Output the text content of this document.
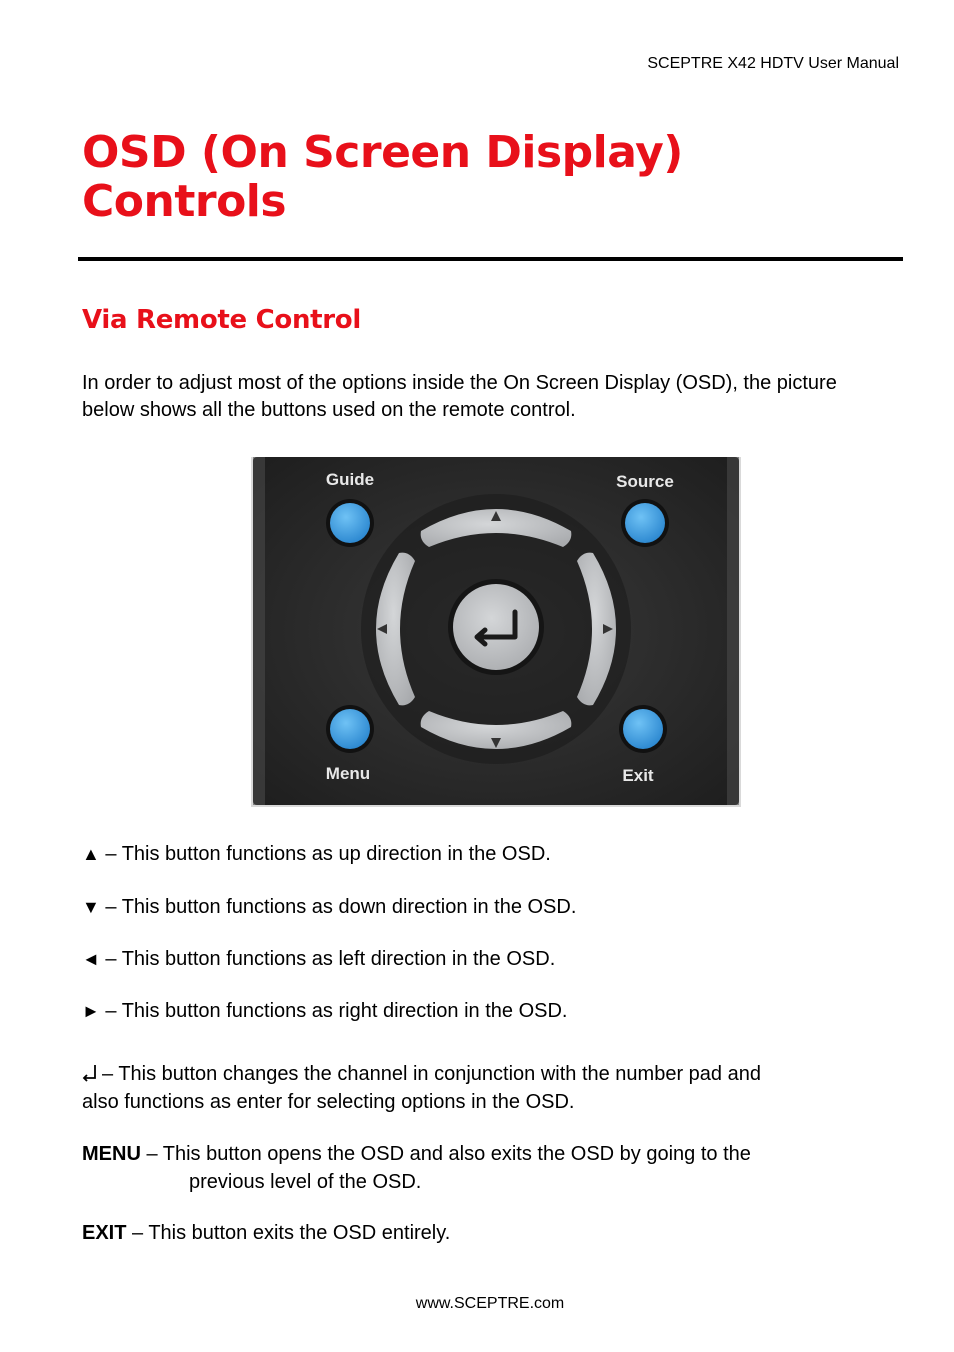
SCEPTRE X42 HDTV User Manual
OSD (On Screen Display)
Controls
Via Remote Control
In order to adjust most of the options inside the On Screen Display (OSD), the picture below shows all the buttons used on the remote control.
Guide	Source
Menu	Exit
▲ – This button functions as up direction in the OSD.
▼ – This button functions as down direction in the OSD.
◄ – This button functions as left direction in the OSD.
► – This button functions as right direction in the OSD.
– This button changes the channel in conjunction with the number pad and
also functions as enter for selecting options in the OSD.
MENU – This button opens the OSD and also exits the OSD by going to the
previous level of the OSD.
EXIT – This button exits the OSD entirely.
www.SCEPTRE.com
